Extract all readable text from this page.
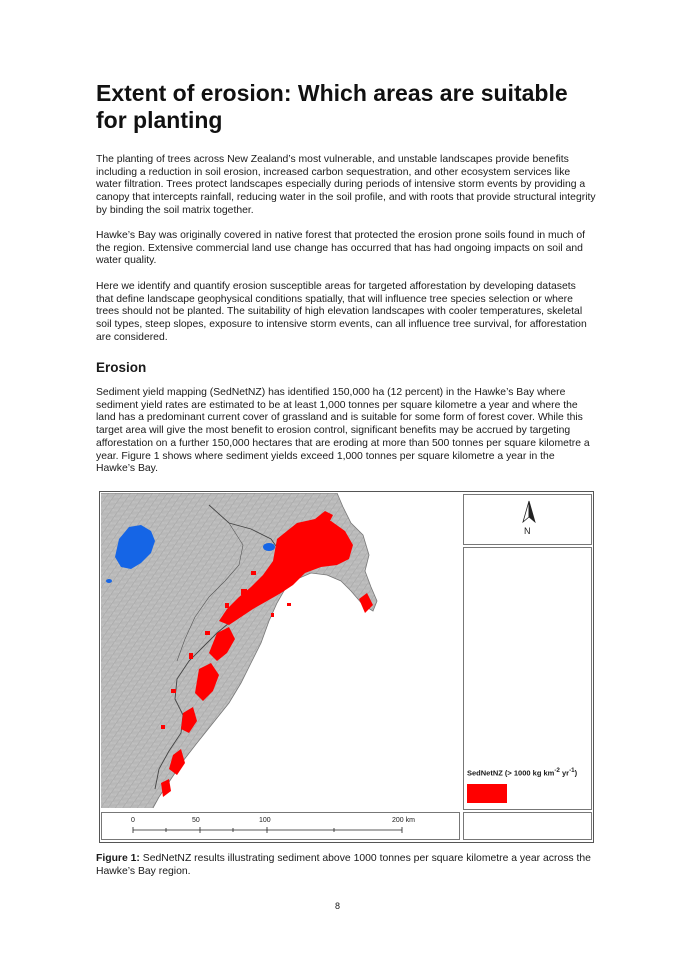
Extent of erosion: Which areas are suitable for planting

The planting of trees across New Zealand’s most vulnerable, and unstable landscapes provide benefits including a reduction in soil erosion, increased carbon sequestration, and other ecosystem services like water filtration. Trees protect landscapes especially during periods of intensive storm events by providing a canopy that intercepts rainfall, reducing water in the soil profile, and with roots that provide structural integrity by binding the soil matrix together.

Hawke’s Bay was originally covered in native forest that protected the erosion prone soils found in much of the region. Extensive commercial land use change has occurred that has had ongoing impacts on soil and water quality.

Here we identify and quantify erosion susceptible areas for targeted afforestation by developing datasets that define landscape geophysical conditions spatially, that will influence tree species selection or where trees should not be planted. The suitability of high elevation landscapes with cooler temperatures, skeletal soil types, steep slopes, exposure to intensive storm events, can all influence tree survival, for afforestation are considered.

Erosion

Sediment yield mapping (SedNetNZ) has identified 150,000 ha (12 percent) in the Hawke’s Bay where sediment yield rates are estimated to be at least 1,000 tonnes per square kilometre a year and where the land has a predominant current cover of grassland and is suitable for some form of forest cover. While this target area will give the most benefit to erosion control, significant benefits may be accrued by targeting afforestation on a further 150,000 hectares that are eroding at more than 500 tonnes per square kilometre a year. Figure 1 shows where sediment yields exceed 1,000 tonnes per square kilometre a year in the Hawke’s Bay.

N
SedNetNZ (> 1000 kg $km^{-2}$ $yr^{-1}$)
0	50	100	200 km

Figure 1: SedNetNZ results illustrating sediment above 1000 tonnes per square kilometre a year across the Hawke’s Bay region.

8
